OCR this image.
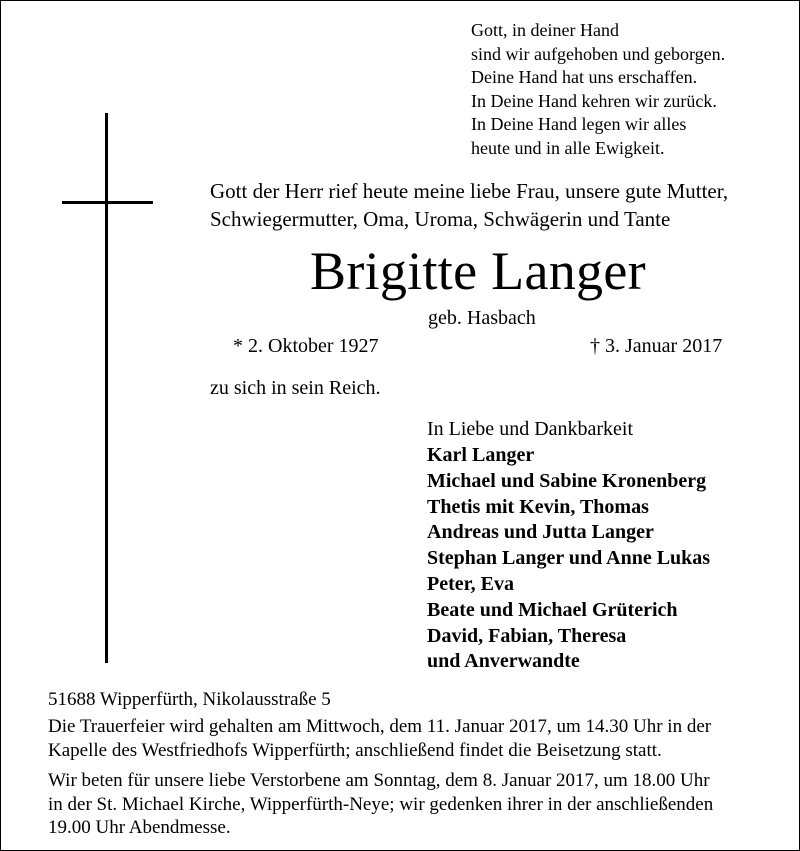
Gott, in deiner Hand
sind wir aufgehoben und geborgen.
Deine Hand hat uns erschaffen.
In Deine Hand kehren wir zurück.
In Deine Hand legen wir alles
heute und in alle Ewigkeit.
Gott der Herr rief heute meine liebe Frau, unsere gute Mutter,
Schwiegermutter, Oma, Uroma, Schwägerin und Tante
Brigitte Langer
geb. Hasbach
* 2. Oktober 1927	† 3. Januar 2017
zu sich in sein Reich.
In Liebe und Dankbarkeit
Karl Langer
Michael und Sabine Kronenberg
Thetis mit Kevin, Thomas
Andreas und Jutta Langer
Stephan Langer und Anne Lukas
Peter, Eva
Beate und Michael Grüterich
David, Fabian, Theresa
und Anverwandte
51688 Wipperfürth, Nikolausstraße 5
Die Trauerfeier wird gehalten am Mittwoch, dem 11. Januar 2017, um 14.30 Uhr in der
Kapelle des Westfriedhofs Wipperfürth; anschließend findet die Beisetzung statt.
Wir beten für unsere liebe Verstorbene am Sonntag, dem 8. Januar 2017, um 18.00 Uhr
in der St. Michael Kirche, Wipperfürth-Neye; wir gedenken ihrer in der anschließenden
19.00 Uhr Abendmesse.
